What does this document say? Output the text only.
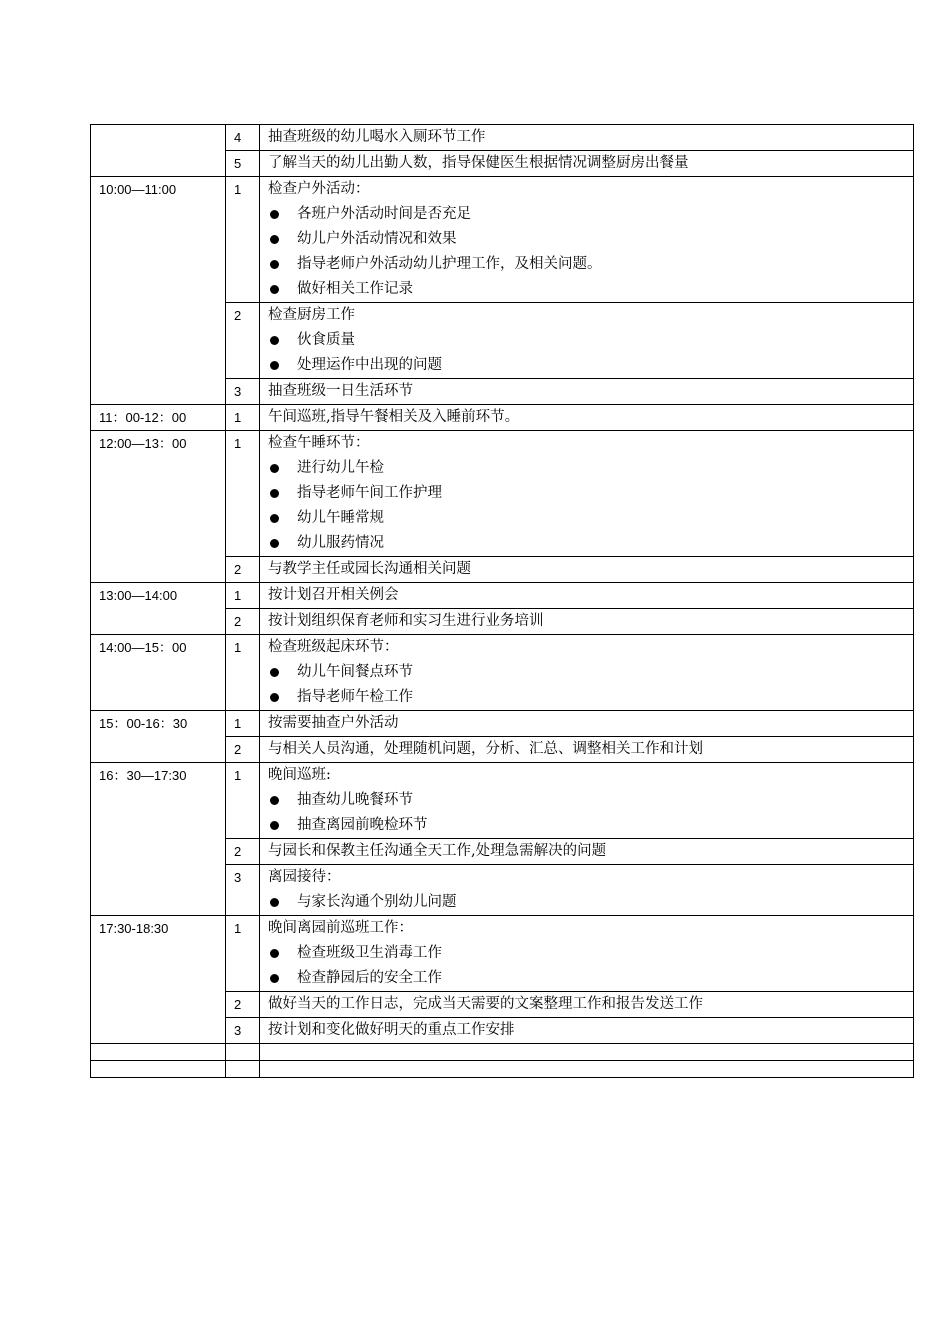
	4	抽查班级的幼儿喝水入厕环节工作

	5	了解当天的幼儿出勤人数，指导保健医生根据情况调整厨房出餐量

10:00—11:00	1	检查户外活动：
各班户外活动时间是否充足
幼儿户外活动情况和效果
指导老师户外活动幼儿护理工作，及相关问题。
做好相关工作记录

	2	检查厨房工作
伙食质量
处理运作中出现的问题

	3	抽查班级一日生活环节

11：00-12：00	1	午间巡班,指导午餐相关及入睡前环节。

12:00—13：00	1	检查午睡环节：
进行幼儿午检
指导老师午间工作护理
幼儿午睡常规
幼儿服药情况

	2	与教学主任或园长沟通相关问题

13:00—14:00	1	按计划召开相关例会

	2	按计划组织保育老师和实习生进行业务培训

14:00—15：00	1	检查班级起床环节：
幼儿午间餐点环节
指导老师午检工作

15：00-16：30	1	按需要抽查户外活动

	2	与相关人员沟通，处理随机问题，分析、汇总、调整相关工作和计划

16：30—17:30	1	晚间巡班:
抽查幼儿晚餐环节
抽查离园前晚检环节

	2	与园长和保教主任沟通全天工作,处理急需解决的问题

	3	离园接待：
与家长沟通个别幼儿问题

17:30-18:30	1	晚间离园前巡班工作：
检查班级卫生消毒工作
检查静园后的安全工作

	2	做好当天的工作日志，完成当天需要的文案整理工作和报告发送工作

	3	按计划和变化做好明天的重点工作安排
